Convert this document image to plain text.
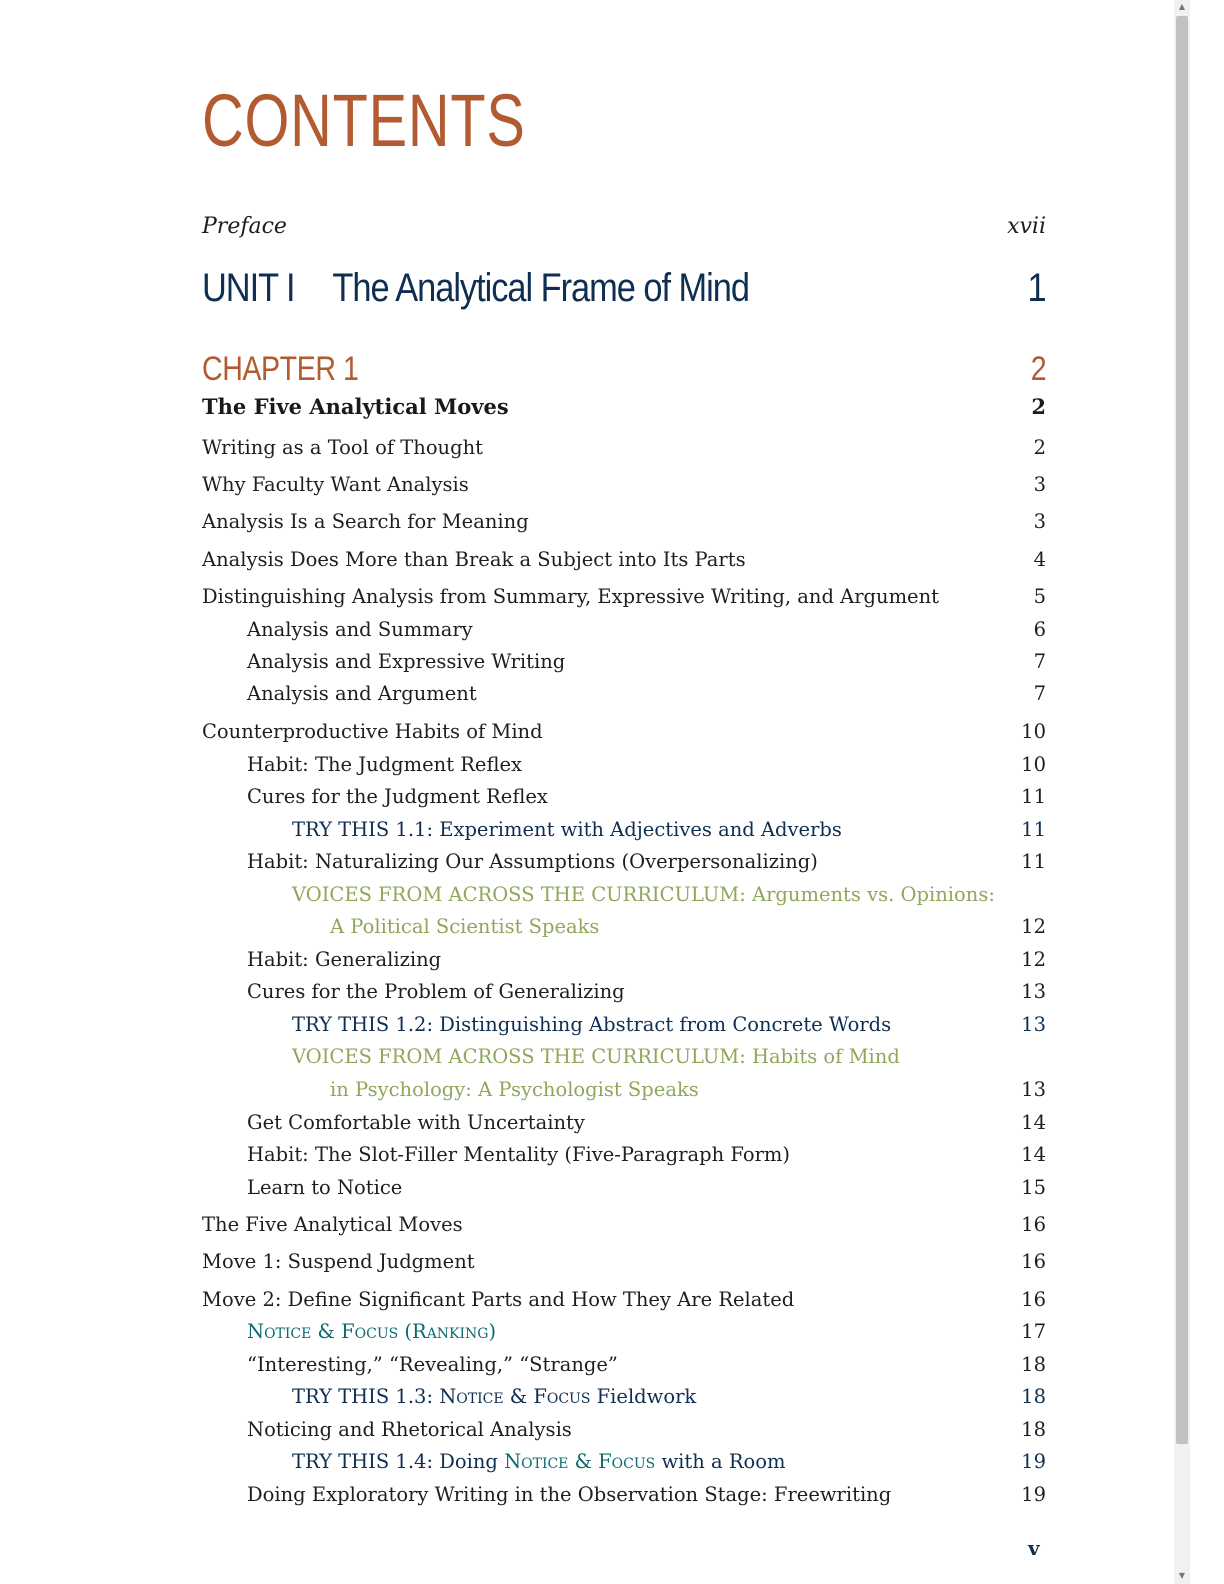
CONTENTS
Preface	xvii
UNIT I The Analytical Frame of Mind	1
CHAPTER 1	2
The Five Analytical Moves	2
Writing as a Tool of Thought	2
Why Faculty Want Analysis	3
Analysis Is a Search for Meaning	3
Analysis Does More than Break a Subject into Its Parts	4
Distinguishing Analysis from Summary, Expressive Writing, and Argument	5
Analysis and Summary	6
Analysis and Expressive Writing	7
Analysis and Argument	7
Counterproductive Habits of Mind	10
Habit: The Judgment Reflex	10
Cures for the Judgment Reflex	11
TRY THIS 1.1: Experiment with Adjectives and Adverbs	11
Habit: Naturalizing Our Assumptions (Overpersonalizing)	11
VOICES FROM ACROSS THE CURRICULUM: Arguments vs. Opinions:
A Political Scientist Speaks	12
Habit: Generalizing	12
Cures for the Problem of Generalizing	13
TRY THIS 1.2: Distinguishing Abstract from Concrete Words	13
VOICES FROM ACROSS THE CURRICULUM: Habits of Mind
in Psychology: A Psychologist Speaks	13
Get Comfortable with Uncertainty	14
Habit: The Slot-Filler Mentality (Five-Paragraph Form)	14
Learn to Notice	15
The Five Analytical Moves	16
Move 1: Suspend Judgment	16
Move 2: Define Significant Parts and How They Are Related	16
Notice & Focus (Ranking)	17
“Interesting,” “Revealing,” “Strange”	18
TRY THIS 1.3: Notice & Focus Fieldwork	18
Noticing and Rhetorical Analysis	18
TRY THIS 1.4: Doing Notice & Focus with a Room	19
Doing Exploratory Writing in the Observation Stage: Freewriting	19
v
▲
▼
